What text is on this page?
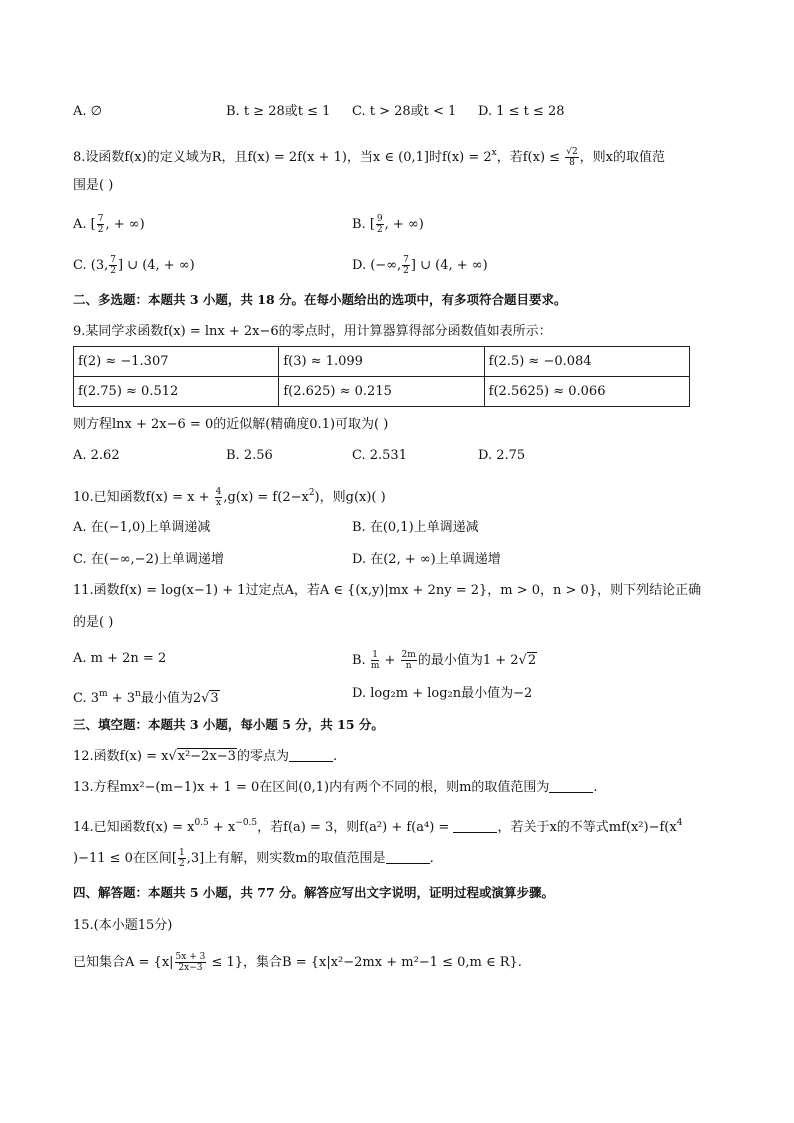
A. ∅	B. t ≥ 28或t ≤ 1 C. t > 28或t < 1 D. 1 ≤ t ≤ 28
8.设函数f(x)的定义域为R，且f(x) = 2f(x + 1)，当x ∈ (0,1]时$f(x) = 2^x$，若$f(x) \le \frac{√2}{8}$ ，则x的取值范
围是( )
A. [ $\frac{7}{2}$ , + ∞)	B. [ $\frac{9}{2}$ , + ∞)
C. (3, $\frac{7}{2}$ ] ∪ (4, + ∞)	D. (−∞, $\frac{7}{2}$ ] ∪ (4, + ∞)
二、多选题：本题共 3 小题，共 18 分。在每小题给出的选项中，有多项符合题目要求。
9.某同学求函数f(x) = lnx + 2x−6的零点时，用计算器算得部分函数值如表所示：
f(2) ≈ −1.307	f(3) ≈ 1.099	f(2.5) ≈ −0.084
f(2.75) ≈ 0.512	f(2.625) ≈ 0.215	f(2.5625) ≈ 0.066
则方程lnx + 2x−6 = 0的近似解(精确度0.1)可取为( )
A. 2.62	B. 2.56	C. 2.531	D. 2.75
10.已知函数$f(x) = x + \frac{4}{x} ,g(x) = f(2-x^2)$，则g(x)( )
A. 在(−1,0)上单调递减	B. 在(0,1)上单调递减
C. 在(−∞,−2)上单调递增	D. 在(2, + ∞)上单调递增
11.函数f(x) = log(x−1) + 1过定点A，若A ∈ {(x,y)|mx + 2ny = 2}，m > 0，n > 0}，则下列结论正确
的是( )
A. m + 2n = 2	B. $\frac{1}{m} + \frac{2m}{n}$ 的最小值为1 + 2√2
C. $3^m + 3^n$最小值为2√3	D. log₂m + log₂n最小值为−2
三、填空题：本题共 3 小题，每小题 5 分，共 15 分。
12.函数f(x) = x√x²−2x−3的零点为	.
13.方程mx²−(m−1)x + 1 = 0在区间(0,1)内有两个不同的根，则m的取值范围为	.
14.已知函数$f(x) = x^{0.5} + x^{-0.5}$，若f(a) = 3，则f(a²) + f(a⁴) =	，若关于x的不等式$mf(x^2)-f(x^4$
)−11 ≤ 0在区间[ $\frac{1}{2} ,3$]上有解，则实数m的取值范围是	.
四、解答题：本题共 5 小题，共 77 分。解答应写出文字说明，证明过程或演算步骤。
15.(本小题15分)
已知集合$A = \{x| \frac{5x + 3}{2x-3} \le 1\}$，集合B = {x|x²−2mx + m²−1 ≤ 0,m ∈ R}.
